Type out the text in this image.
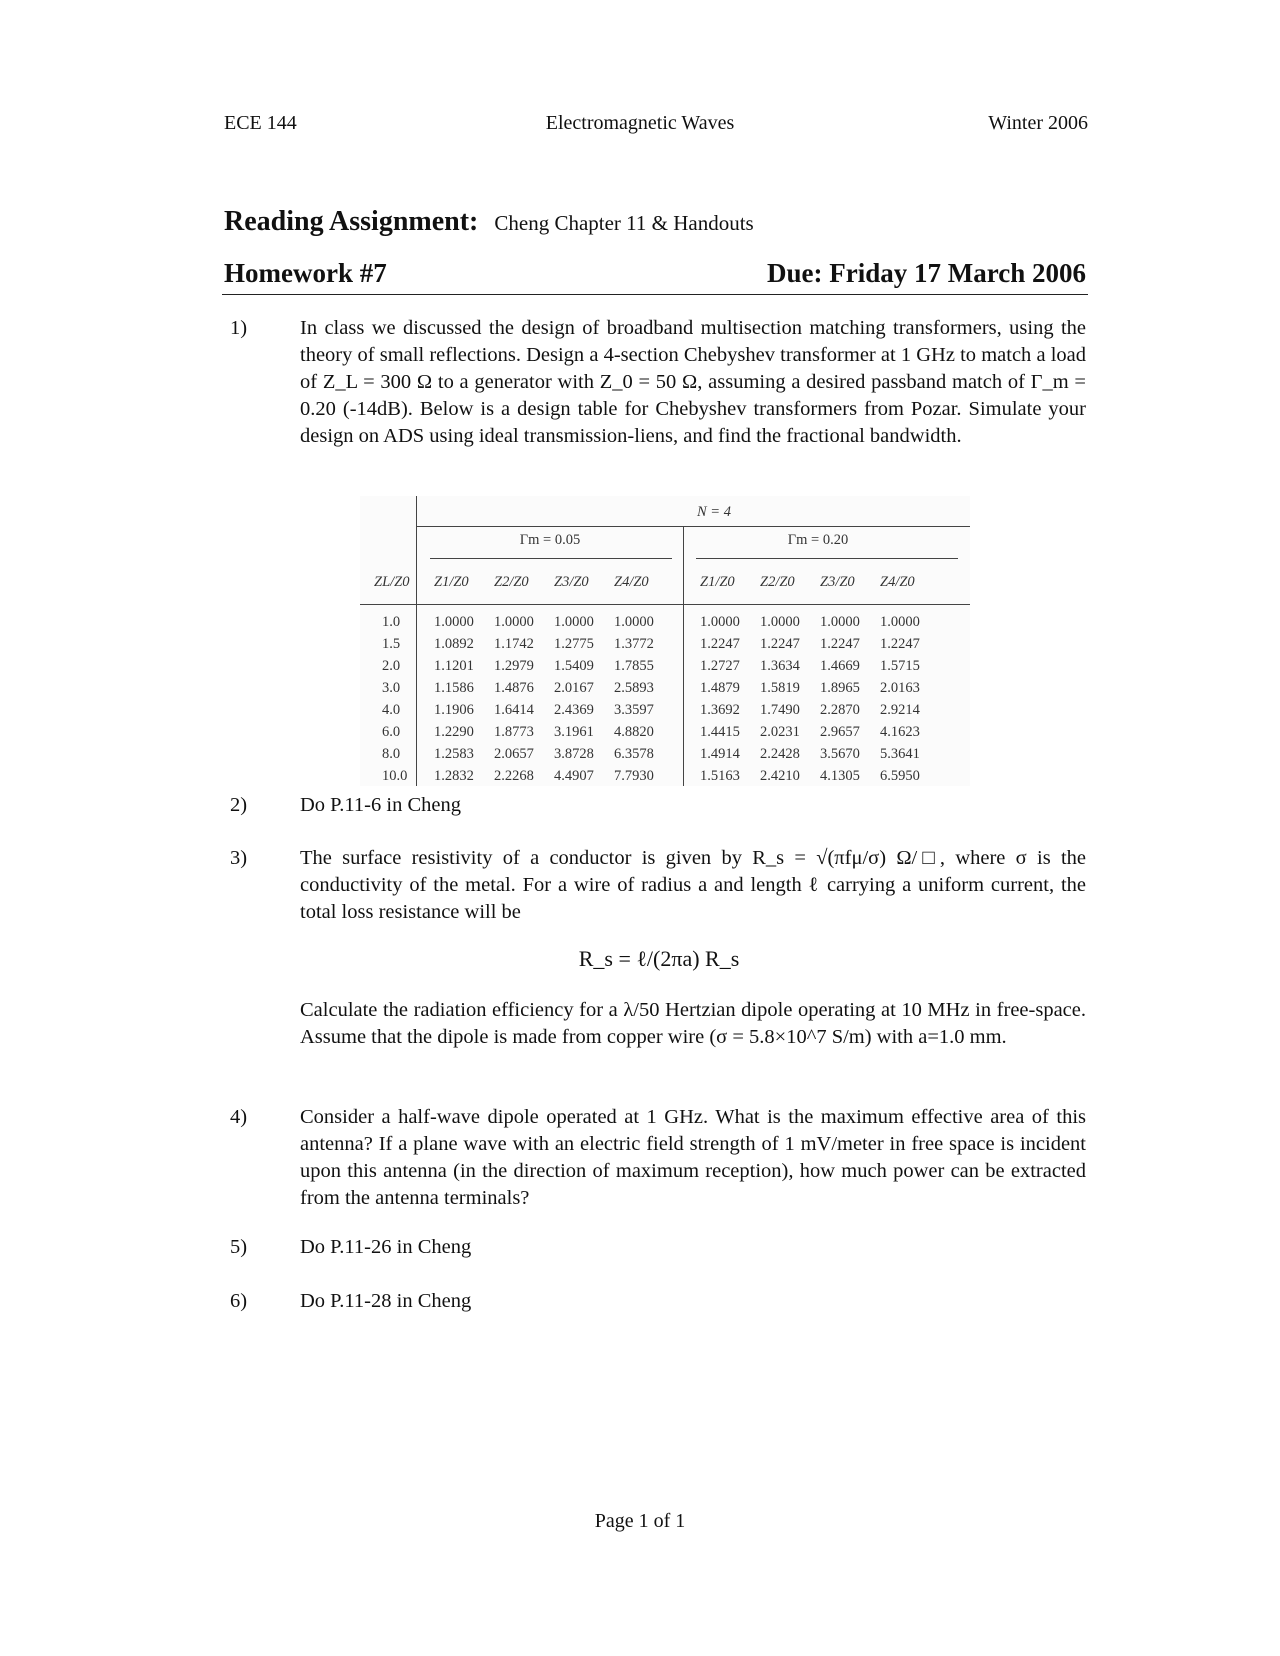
ECE 144	Electromagnetic Waves	Winter 2006
Reading Assignment: Cheng Chapter 11 & Handouts
Homework #7	Due: Friday 17 March 2006
1)	In class we discussed the design of broadband multisection matching transformers, using the theory of small reflections. Design a 4-section Chebyshev transformer at 1 GHz to match a load of Z_L = 300 Ω to a generator with Z_0 = 50 Ω, assuming a desired passband match of Γ_m = 0.20 (-14dB). Below is a design table for Chebyshev transformers from Pozar. Simulate your design on ADS using ideal transmission-liens, and find the fractional bandwidth.
N = 4
Γm = 0.05	Γm = 0.20
ZL/Z0 Z1/Z0 Z2/Z0 Z3/Z0 Z4/Z0	Z1/Z0 Z2/Z0 Z3/Z0 Z4/Z0
1.0 1.0000 1.0000 1.0000 1.0000	1.0000 1.0000 1.0000 1.0000
1.5 1.0892 1.1742 1.2775 1.3772	1.2247 1.2247 1.2247 1.2247
2.0 1.1201 1.2979 1.5409 1.7855	1.2727 1.3634 1.4669 1.5715
3.0 1.1586 1.4876 2.0167 2.5893	1.4879 1.5819 1.8965 2.0163
4.0 1.1906 1.6414 2.4369 3.3597	1.3692 1.7490 2.2870 2.9214
6.0 1.2290 1.8773 3.1961 4.8820	1.4415 2.0231 2.9657 4.1623
8.0 1.2583 2.0657 3.8728 6.3578	1.4914 2.2428 3.5670 5.3641
10.0 1.2832 2.2268 4.4907 7.7930	1.5163 2.4210 4.1305 6.5950
2)	Do P.11-6 in Cheng
3)	The surface resistivity of a conductor is given by R_s = √(πfμ/σ) Ω/□, where σ is the conductivity of the metal. For a wire of radius a and length ℓ carrying a uniform current, the total loss resistance will be
R_s = ℓ/(2πa) R_s
Calculate the radiation efficiency for a λ/50 Hertzian dipole operating at 10 MHz in free-space. Assume that the dipole is made from copper wire (σ = 5.8×10^7 S/m) with a=1.0 mm.
4)	Consider a half-wave dipole operated at 1 GHz. What is the maximum effective area of this antenna? If a plane wave with an electric field strength of 1 mV/meter in free space is incident upon this antenna (in the direction of maximum reception), how much power can be extracted from the antenna terminals?
5)	Do P.11-26 in Cheng
6)	Do P.11-28 in Cheng
Page 1 of 1
